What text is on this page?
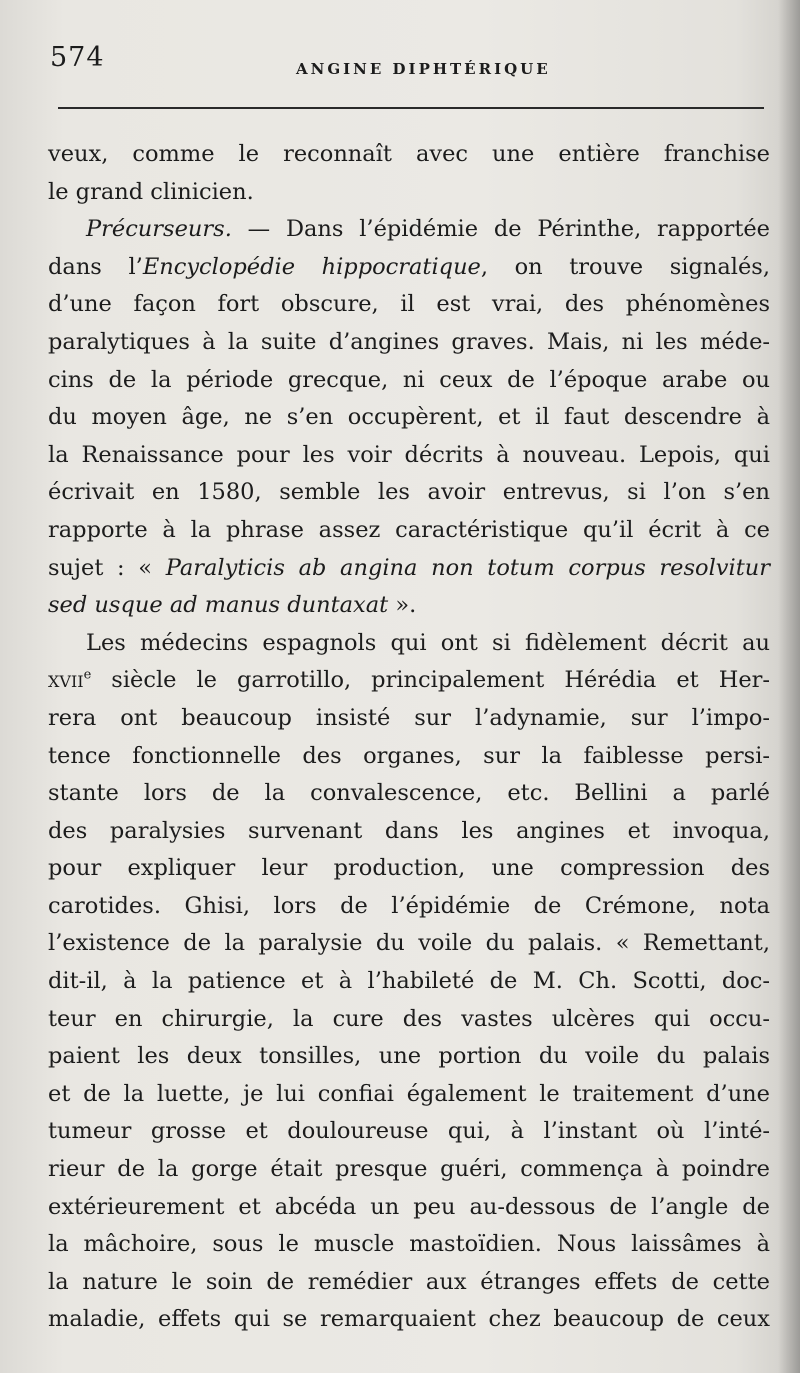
574	ANGINE DIPHTÉRIQUE
veux, comme le reconnaît avec une entière franchise
le grand clinicien.
Précurseurs. — Dans l’épidémie de Périnthe, rapportée
dans l’Encyclopédie hippocratique, on trouve signalés,
d’une façon fort obscure, il est vrai, des phénomènes
paralytiques à la suite d’angines graves. Mais, ni les méde-
cins de la période grecque, ni ceux de l’époque arabe ou
du moyen âge, ne s’en occupèrent, et il faut descendre à
la Renaissance pour les voir décrits à nouveau. Lepois, qui
écrivait en 1580, semble les avoir entrevus, si l’on s’en
rapporte à la phrase assez caractéristique qu’il écrit à ce
sujet : « Paralyticis ab angina non totum corpus resolvitur
sed usque ad manus duntaxat ».
Les médecins espagnols qui ont si fidèlement décrit au
xvii$^e$ siècle le garrotillo, principalement Hérédia et Her-
rera ont beaucoup insisté sur l’adynamie, sur l’impo-
tence fonctionnelle des organes, sur la faiblesse persi-
stante lors de la convalescence, etc. Bellini a parlé
des paralysies survenant dans les angines et invoqua,
pour expliquer leur production, une compression des
carotides. Ghisi, lors de l’épidémie de Crémone, nota
l’existence de la paralysie du voile du palais. « Remettant,
dit-il, à la patience et à l’habileté de M. Ch. Scotti, doc-
teur en chirurgie, la cure des vastes ulcères qui occu-
paient les deux tonsilles, une portion du voile du palais
et de la luette, je lui confiai également le traitement d’une
tumeur grosse et douloureuse qui, à l’instant où l’inté-
rieur de la gorge était presque guéri, commença à poindre
extérieurement et abcéda un peu au-dessous de l’angle de
la mâchoire, sous le muscle mastoïdien. Nous laissâmes à
la nature le soin de remédier aux étranges effets de cette
maladie, effets qui se remarquaient chez beaucoup de ceux
